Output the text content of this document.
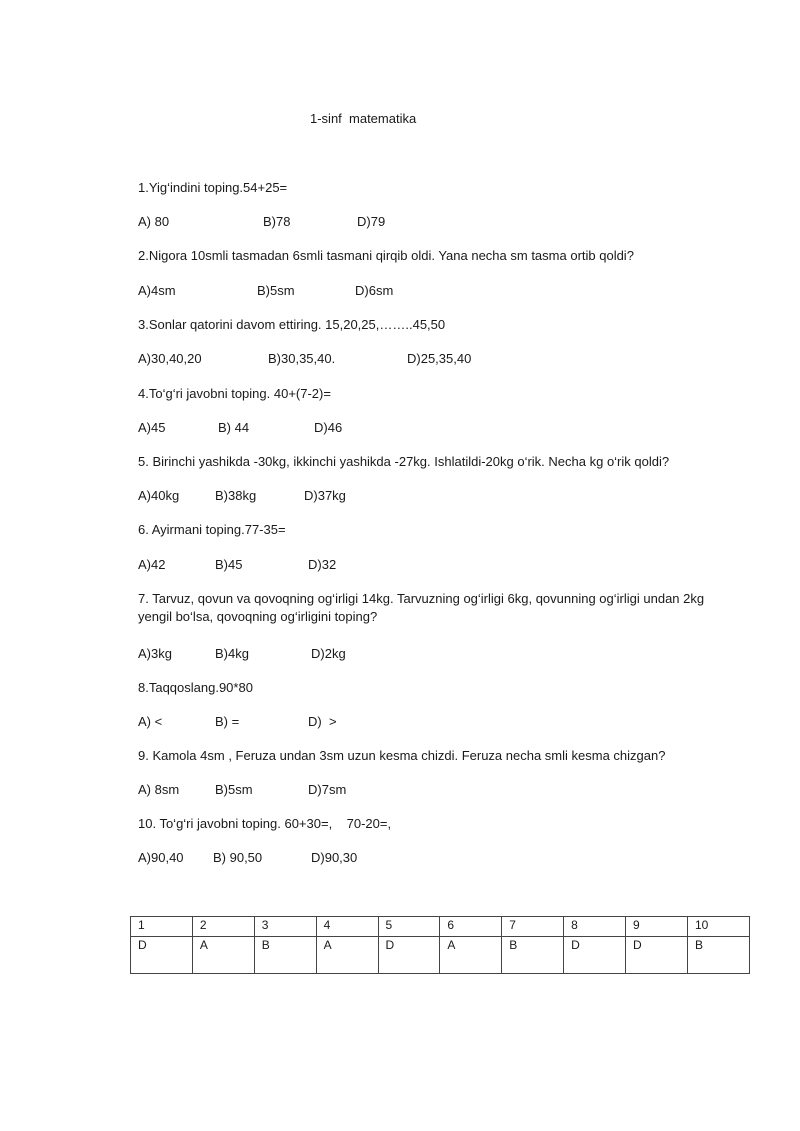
1-sinf  matematika
1.Yig‘indini toping.54+25=
A) 80	B)78	D)79
2.Nigora 10smli tasmadan 6smli tasmani qirqib oldi. Yana necha sm tasma ortib qoldi?
A)4sm	B)5sm	D)6sm
3.Sonlar qatorini davom ettiring. 15,20,25,……..45,50
A)30,40,20	B)30,35,40.	D)25,35,40
4.To‘g‘ri javobni toping. 40+(7-2)=
A)45	B) 44	D)46
5. Birinchi yashikda -30kg, ikkinchi yashikda -27kg. Ishlatildi-20kg o‘rik. Necha kg o‘rik qoldi?
A)40kg	B)38kg	D)37kg
6. Ayirmani toping.77-35=
A)42	B)45	D)32
7. Tarvuz, qovun va qovoqning og‘irligi 14kg. Tarvuzning og‘irligi 6kg, qovunning og‘irligi undan 2kg yengil bo‘lsa, qovoqning og‘irligini toping?
A)3kg	B)4kg	D)2kg
8.Taqqoslang.90*80
A) <	B) =	D)  >
9. Kamola 4sm , Feruza undan 3sm uzun kesma chizdi. Feruza necha smli kesma chizgan?
A) 8sm	B)5sm	D)7sm
10. To‘g‘ri javobni toping. 60+30=,    70-20=,
A)90,40 B) 90,50	D)90,30
1	2	3	4	5	6	7	8	9	10
D	A	B	A	D	A	B	D	D	B
